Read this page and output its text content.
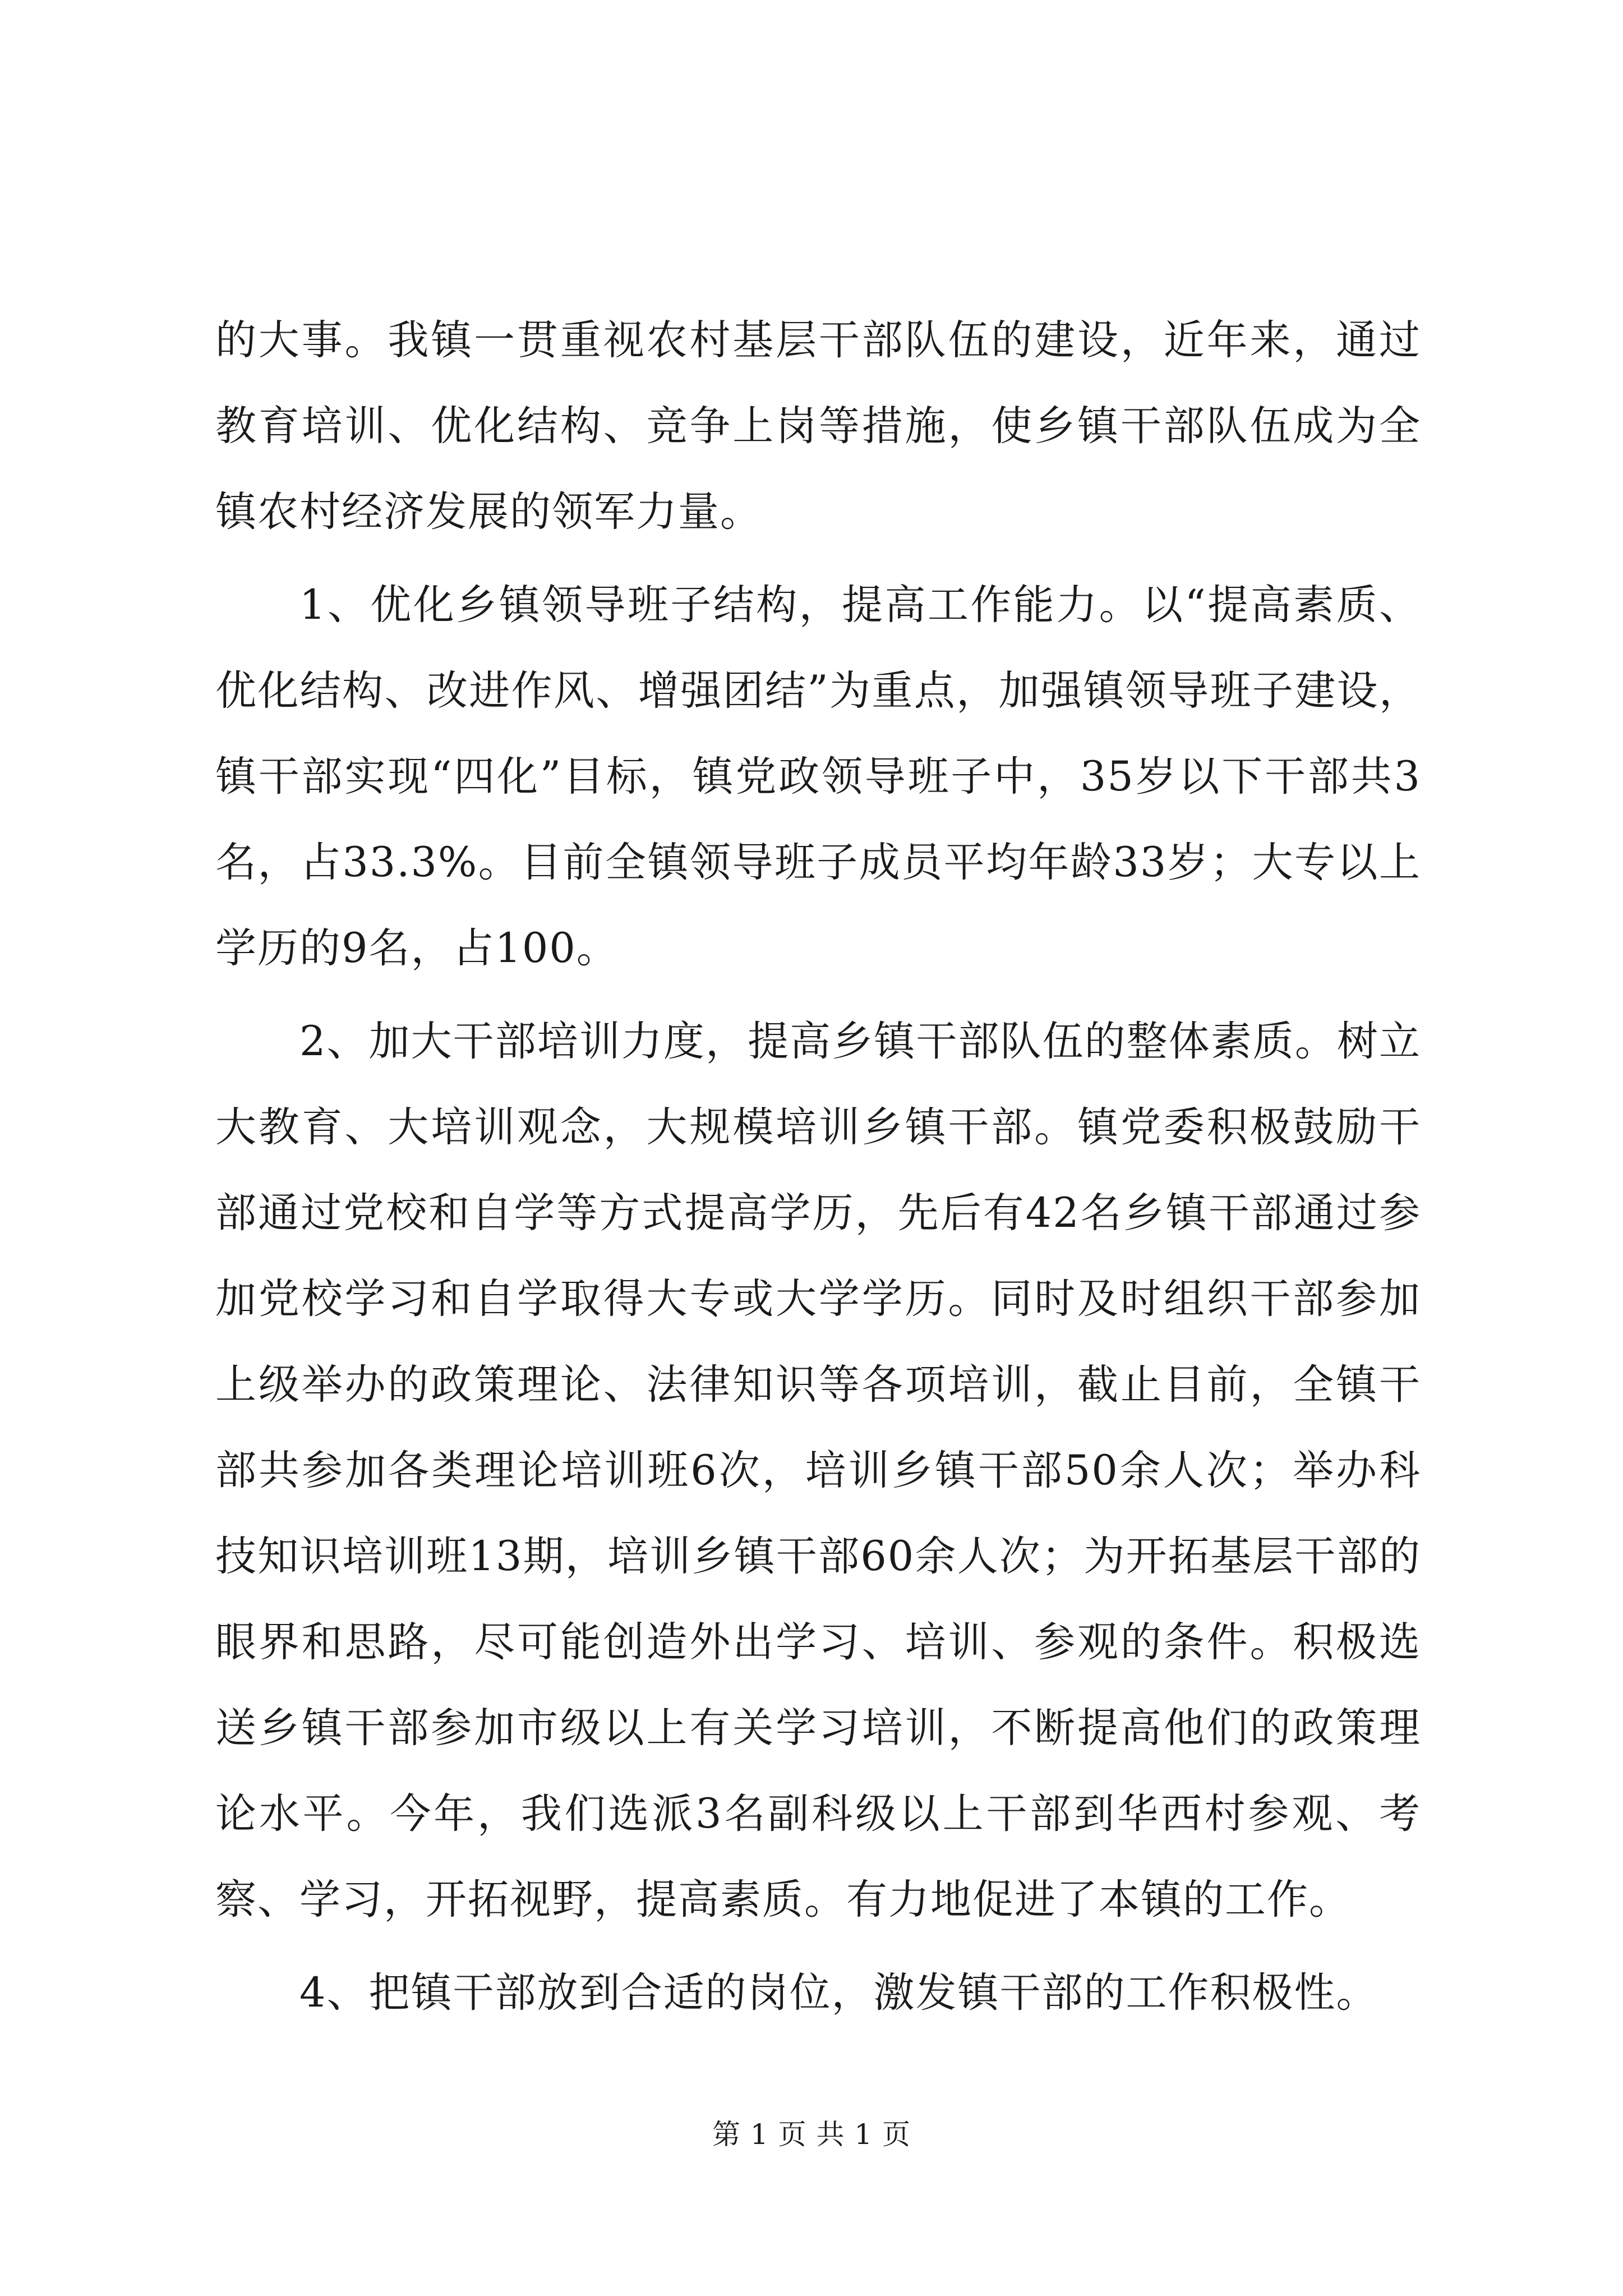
的大事。我镇一贯重视农村基层干部队伍的建设，近年来，通过教育培训、优化结构、竞争上岗等措施，使乡镇干部队伍成为全镇农村经济发展的领军力量。

1、优化乡镇领导班子结构，提高工作能力。以“提高素质、优化结构、改进作风、增强团结”为重点，加强镇领导班子建设，镇干部实现“四化”目标，镇党政领导班子中，35岁以下干部共3名，占33.3%。目前全镇领导班子成员平均年龄33岁；大专以上学历的9名，占100。

2、加大干部培训力度，提高乡镇干部队伍的整体素质。树立大教育、大培训观念，大规模培训乡镇干部。镇党委积极鼓励干部通过党校和自学等方式提高学历，先后有42名乡镇干部通过参加党校学习和自学取得大专或大学学历。同时及时组织干部参加上级举办的政策理论、法律知识等各项培训，截止目前，全镇干部共参加各类理论培训班6次，培训乡镇干部50余人次；举办科技知识培训班13期，培训乡镇干部60余人次；为开拓基层干部的眼界和思路，尽可能创造外出学习、培训、参观的条件。积极选送乡镇干部参加市级以上有关学习培训，不断提高他们的政策理论水平。今年，我们选派3名副科级以上干部到华西村参观、考察、学习，开拓视野，提高素质。有力地促进了本镇的工作。

4、把镇干部放到合适的岗位，激发镇干部的工作积极性。

第 1 页 共 1 页
